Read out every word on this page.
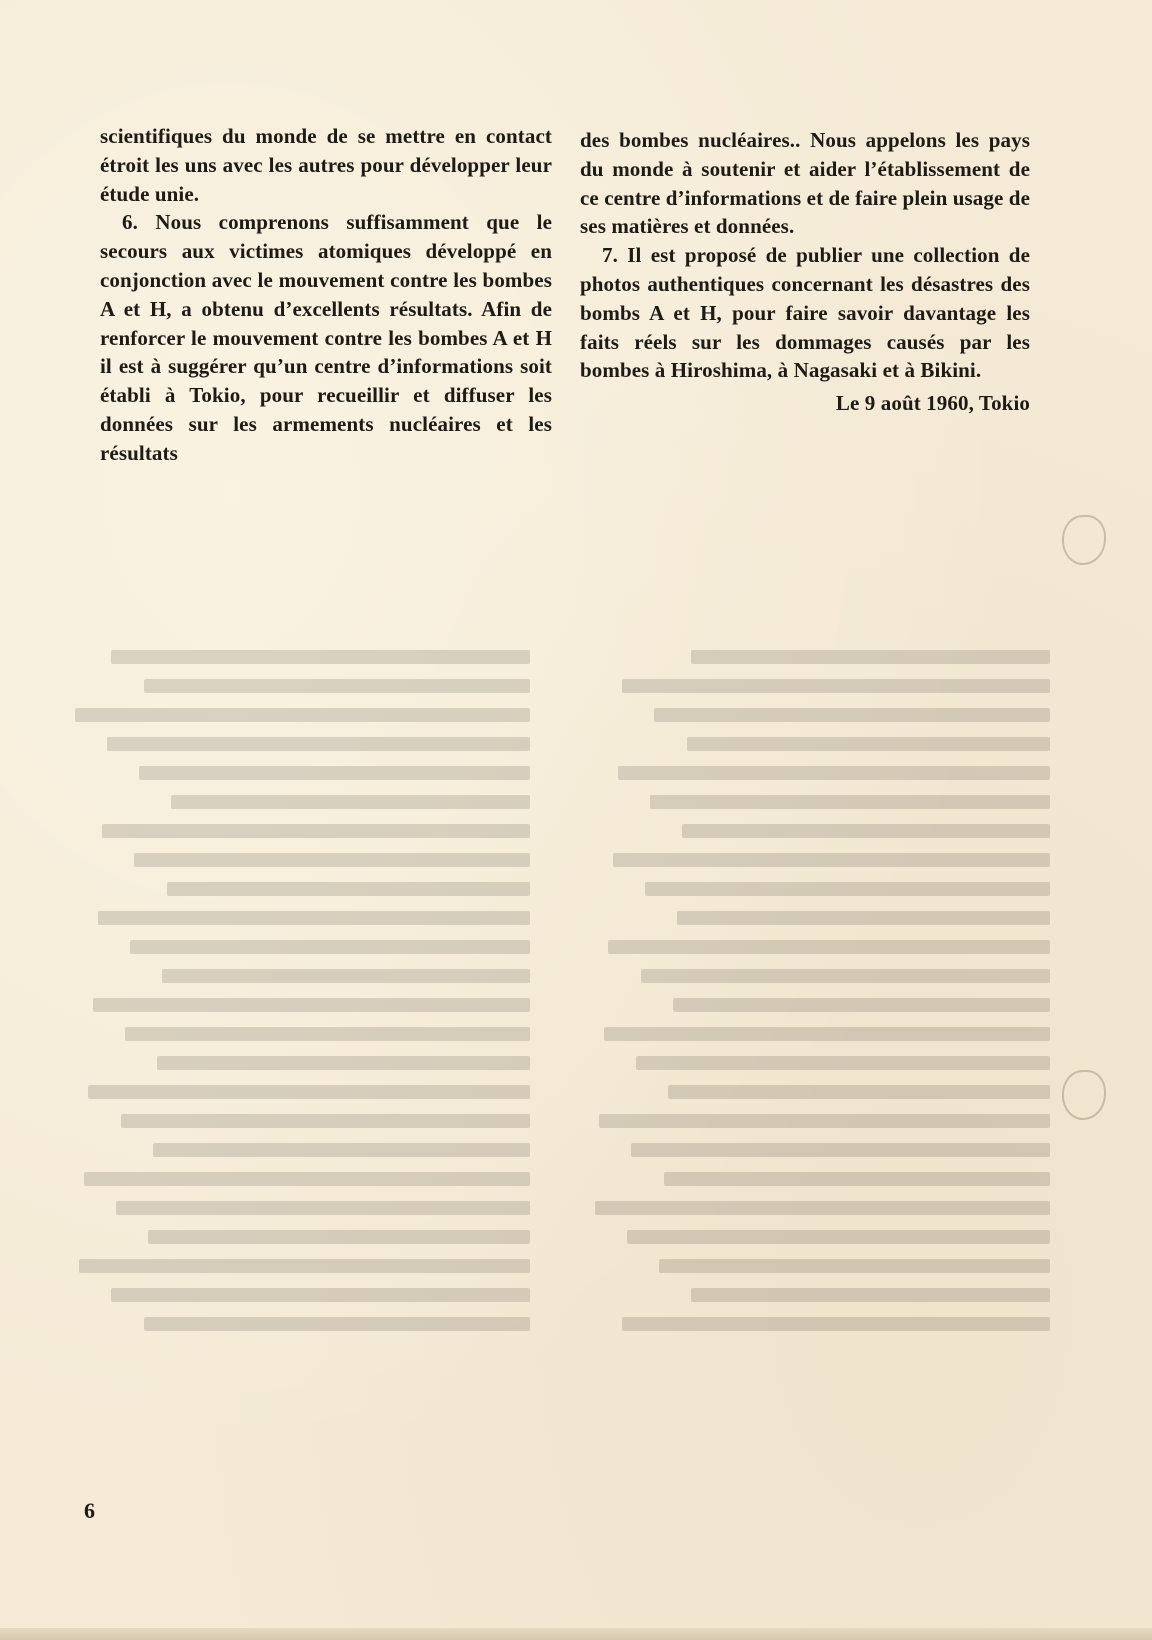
scientifiques du monde de se mettre en contact étroit les uns avec les autres pour développer leur étude unie.

6. Nous comprenons suffisamment que le secours aux victimes atomiques développé en conjonction avec le mouvement contre les bombes A et H, a obtenu d’excellents résultats. Afin de renforcer le mouvement contre les bombes A et H il est à suggérer qu’un centre d’informations soit établi à Tokio, pour recueillir et diffuser les données sur les armements nucléaires et les résultats

des bombes nucléaires.. Nous appelons les pays du monde à soutenir et aider l’établissement de ce centre d’informations et de faire plein usage de ses matières et données.

7. Il est proposé de publier une collection de photos authentiques concernant les désastres des bombs A et H, pour faire savoir davantage les faits réels sur les dommages causés par les bombes à Hiroshima, à Nagasaki et à Bikini.

Le 9 août 1960, Tokio

6
